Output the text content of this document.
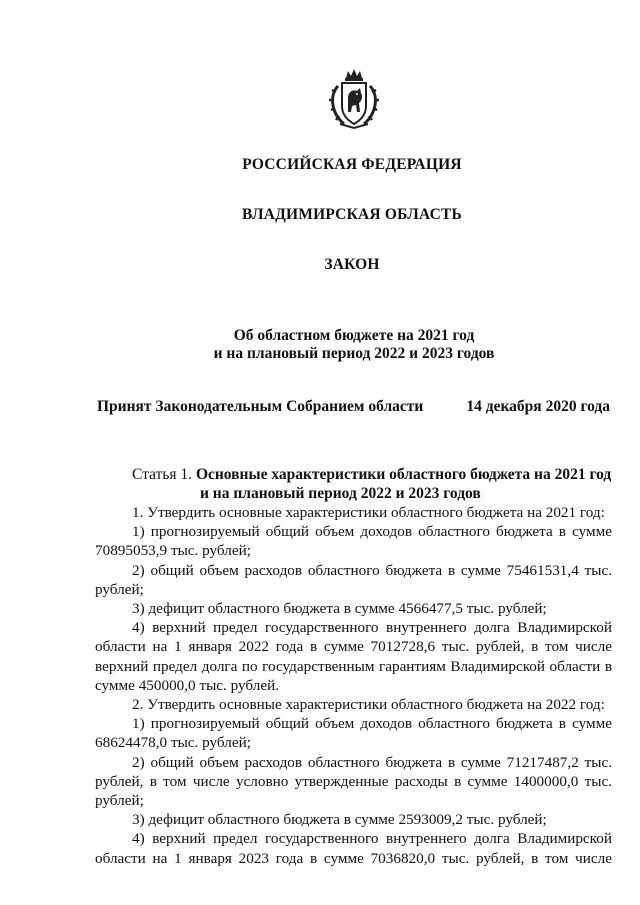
РОССИЙСКАЯ ФЕДЕРАЦИЯ
ВЛАДИМИРСКАЯ ОБЛАСТЬ
ЗАКОН
Об областном бюджете на 2021 год
и на плановый период 2022 и 2023 годов
Принят Законодательным Собранием области	14 декабря 2020 года
Статья 1. Основные характеристики областного бюджета на 2021 год
и на плановый период 2022 и 2023 годов

1. Утвердить основные характеристики областного бюджета на 2021 год:

1) прогнозируемый общий объем доходов областного бюджета в сумме 70895053,9 тыс. рублей;

2) общий объем расходов областного бюджета в сумме 75461531,4 тыс. рублей;

3) дефицит областного бюджета в сумме 4566477,5 тыс. рублей;

4) верхний предел государственного внутреннего долга Владимирской области на 1 января 2022 года в сумме 7012728,6 тыс. рублей, в том числе верхний предел долга по государственным гарантиям Владимирской области в сумме 450000,0 тыс. рублей.

2. Утвердить основные характеристики областного бюджета на 2022 год:

1) прогнозируемый общий объем доходов областного бюджета в сумме 68624478,0 тыс. рублей;

2) общий объем расходов областного бюджета в сумме 71217487,2 тыс. рублей, в том числе условно утвержденные расходы в сумме 1400000,0 тыс. рублей;

3) дефицит областного бюджета в сумме 2593009,2 тыс. рублей;

4) верхний предел государственного внутреннего долга Владимирской области на 1 января 2023 года в сумме 7036820,0 тыс. рублей, в том числе
